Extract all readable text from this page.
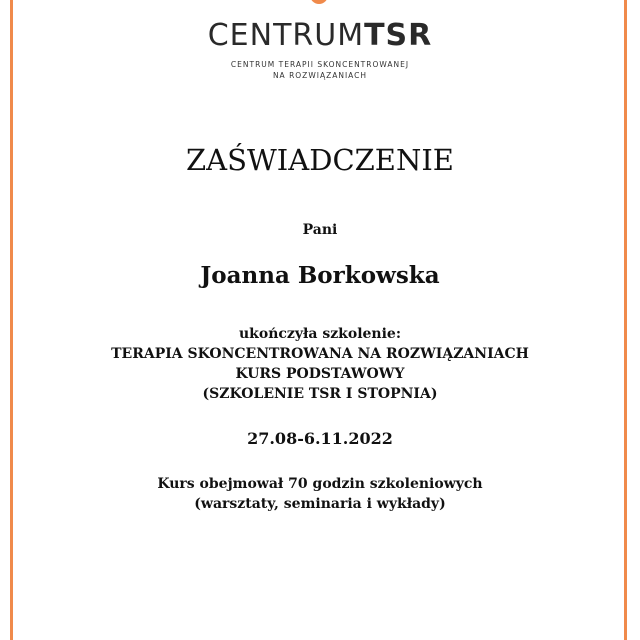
CENTRUMTSR
CENTRUM TERAPII SKONCENTROWANEJ
NA ROZWIĄZANIACH
ZAŚWIADCZENIE
Pani
Joanna Borkowska
ukończyła szkolenie:
TERAPIA SKONCENTROWANA NA ROZWIĄZANIACH
KURS PODSTAWOWY
(SZKOLENIE TSR I STOPNIA)
27.08-6.11.2022
Kurs obejmował 70 godzin szkoleniowych
(warsztaty, seminaria i wykłady)
